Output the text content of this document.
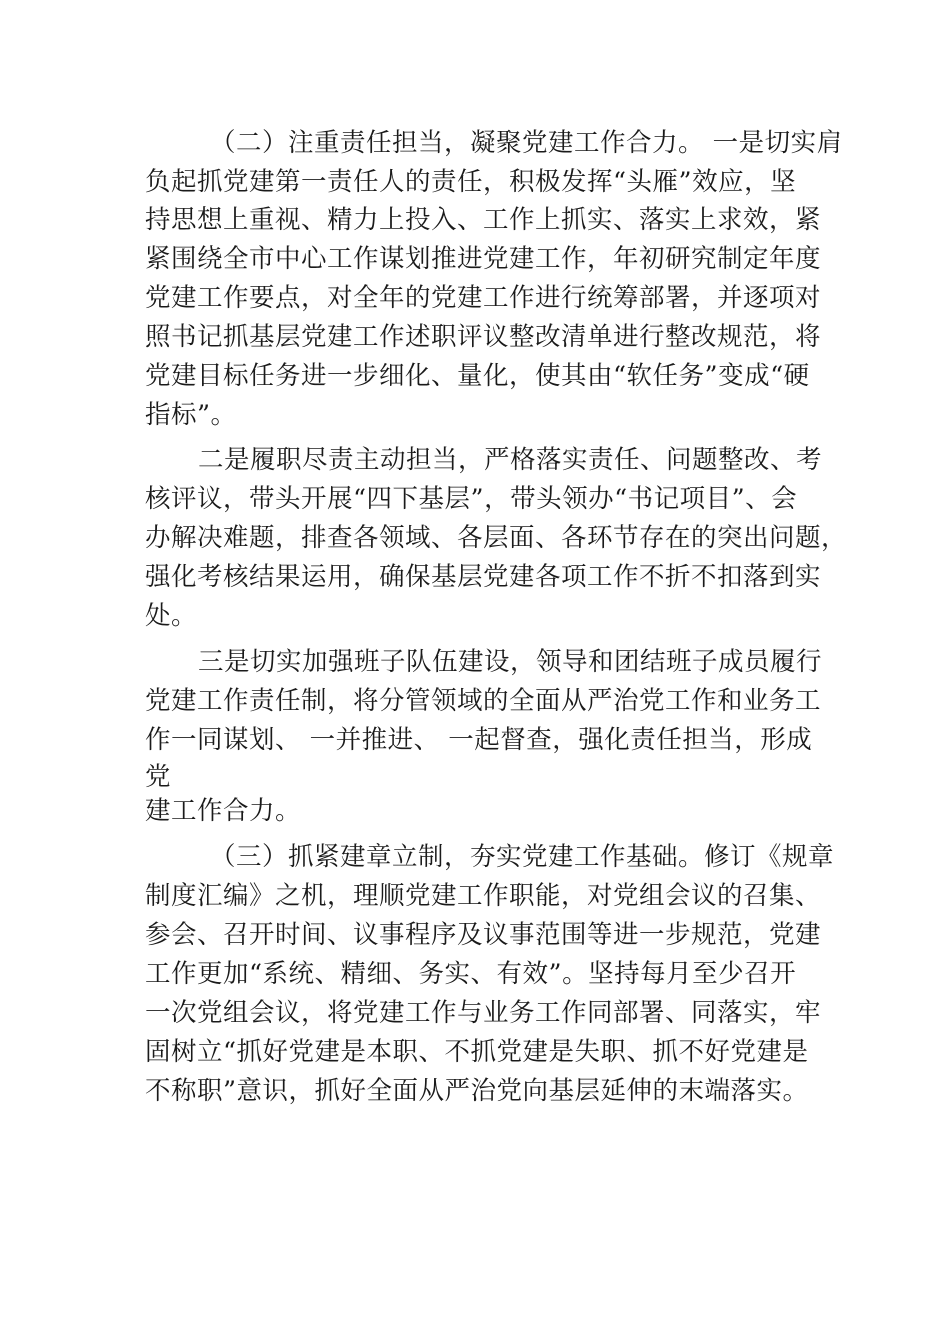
（二）注重责任担当，凝聚党建工作合力。 一是切实肩
负起抓党建第一责任人的责任，积极发挥“头雁”效应，坚
持思想上重视、精力上投入、工作上抓实、落实上求效，紧
紧围绕全市中心工作谋划推进党建工作，年初研究制定年度
党建工作要点，对全年的党建工作进行统筹部署，并逐项对
照书记抓基层党建工作述职评议整改清单进行整改规范，将
党建目标任务进一步细化、量化，使其由“软任务”变成“硬
指标”。
二是履职尽责主动担当，严格落实责任、问题整改、考
核评议，带头开展“四下基层”，带头领办“书记项目”、会
办解决难题，排查各领域、各层面、各环节存在的突出问题，
强化考核结果运用，确保基层党建各项工作不折不扣落到实
处。
三是切实加强班子队伍建设，领导和团结班子成员履行
党建工作责任制，将分管领域的全面从严治党工作和业务工
作一同谋划、 一并推进、 一起督查，强化责任担当，形成
党
建工作合力。
（三）抓紧建章立制，夯实党建工作基础。修订《规章
制度汇编》之机，理顺党建工作职能，对党组会议的召集、
参会、召开时间、议事程序及议事范围等进一步规范，党建
工作更加“系统、精细、务实、有效”。坚持每月至少召开
一次党组会议，将党建工作与业务工作同部署、同落实，牢
固树立“抓好党建是本职、不抓党建是失职、抓不好党建是
不称职”意识，抓好全面从严治党向基层延伸的末端落实。
